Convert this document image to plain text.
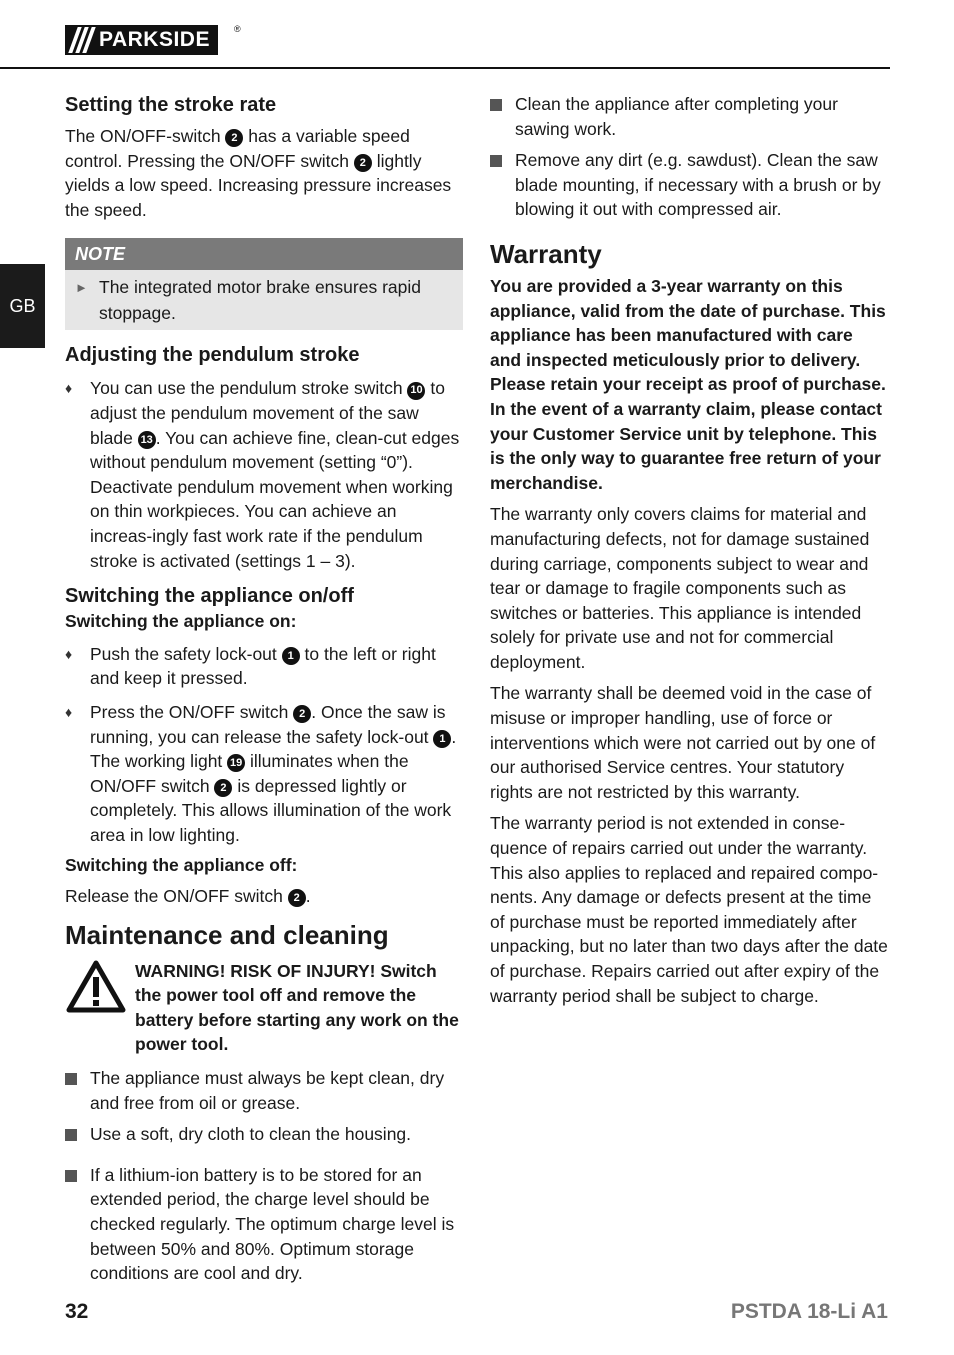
PARKSIDE	®
GB
Setting the stroke rate

The ON/OFF-switch 2 has a variable speed control. Pressing the ON/OFF switch 2 lightly yields a low speed. Increasing pressure increases the speed.

NOTE
► The integrated motor brake ensures rapid stoppage.
Adjusting the pendulum stroke
♦	You can use the pendulum stroke switch 10 to adjust the pendulum movement of the saw blade 13 . You can achieve fine, clean-cut edges without pendulum movement (setting “0”). Deactivate pendulum movement when working on thin workpieces. You can achieve an increas-ingly fast work rate if the pendulum stroke is activated (settings 1 – 3).

Switching the appliance on/off
Switching the appliance on:
♦	Push the safety lock-out 1 to the left or right and keep it pressed.

♦	Press the ON/OFF switch 2 . Once the saw is running, you can release the safety lock-out 1 . The working light 19 illuminates when the ON/OFF switch 2 is depressed lightly or completely. This allows illumination of the work area in low lighting.

Switching the appliance off:

Release the ON/OFF switch 2 .

Maintenance and cleaning
WARNING! RISK OF INJURY! Switch the power tool off and remove the battery before starting any work on the power tool.

The appliance must always be kept clean, dry and free from oil or grease.

Use a soft, dry cloth to clean the housing.

If a lithium-ion battery is to be stored for an extended period, the charge level should be checked regularly. The optimum charge level is between 50% and 80%. Optimum storage conditions are cool and dry.

Clean the appliance after completing your sawing work.

Remove any dirt (e.g. sawdust). Clean the saw blade mounting, if necessary with a brush or by blowing it out with compressed air.

Warranty
You are provided a 3-year warranty on this appliance, valid from the date of purchase. This appliance has been manufactured with care and inspected meticulously prior to delivery. Please retain your receipt as proof of purchase. In the event of a warranty claim, please contact your Customer Service unit by telephone. This is the only way to guarantee free return of your merchandise.

The warranty only covers claims for material and manufacturing defects, not for damage sustained during carriage, components subject to wear and tear or damage to fragile components such as switches or batteries. This appliance is intended solely for private use and not for commercial deployment.

The warranty shall be deemed void in the case of misuse or improper handling, use of force or interventions which were not carried out by one of our authorised Service centres. Your statutory rights are not restricted by this warranty.

The warranty period is not extended in conse-quence of repairs carried out under the warranty. This also applies to replaced and repaired compo-nents. Any damage or defects present at the time of purchase must be reported immediately after unpacking, but no later than two days after the date of purchase. Repairs carried out after expiry of the warranty period shall be subject to charge.

32	PSTDA 18-Li A1
